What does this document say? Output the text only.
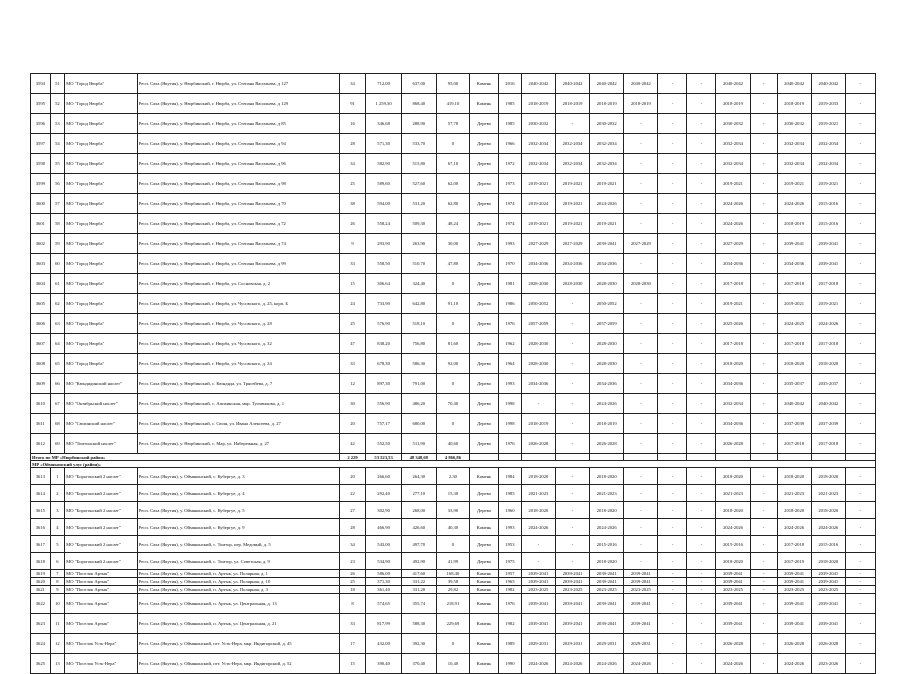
3594	51	МО "Город Нюрба"	Респ. Саха (Якутия), у. Нюрбинский, г. Нюрба, ул. Степана Васильева, д 127	34	712,00	637,00	95,00	Камень	2016	2040-2042	2040-2042	2040-2042	2040-2042	-	-	2040-2042	-	2040-2042	2040-2042	-
3595	52	МО "Город Нюрба"	Респ. Саха (Якутия), у. Нюрбинский, г. Нюрба, ул. Степана Васильева, д 129	91	1 259,30	868,40	419,10	Камень	1985	2018-2019	2018-2019	2018-2019	2018-2019	-	-	2018-2019	-	2018-2019	2019-2033	-
3596	53	МО "Город Нюрба"	Респ. Саха (Якутия), у. Нюрбинский, г. Нюрба, ул. Степана Васильева, д 85	16	346,68	288,90	57,78	Дерево	1985	2030-2032	-	2030-2032	-	-	-	2030-2032	-	2030-2032	2019-2021	-
3597	54	МО "Город Нюрба"	Респ. Саха (Якутия), у. Нюрбинский, г. Нюрба, ул. Степана Васильева, д 94	28	571,30	533,70	0	Дерево	1966	2032-2034	2032-2034	2032-2034	-	-	-	2032-2034	-	2032-2034	2032-2034	-
3598	55	МО "Город Нюрба"	Респ. Саха (Якутия), у. Нюрбинский, г. Нюрба, ул. Степана Васильева, д 96	34	582,90	515,80	67,10	Дерево	1972	2032-2034	2032-2034	2032-2034	-	-	-	2032-2034	-	2032-2034	2032-2034	-
3599	56	МО "Город Нюрба"	Респ. Саха (Якутия), у. Нюрбинский, г. Нюрба, ул. Степана Васильева, д 98	25	589,60	527,60	62,00	Дерево	1973	2019-2021	2019-2021	2019-2021	-	-	-	2019-2021	-	2019-2021	2019-2021	-
3600	57	МО "Город Нюрба"	Респ. Саха (Якутия), у. Нюрбинский, г. Нюрба, ул. Степана Васильева, д 70	38	594,00	531,20	62,80	Дерево	1974	2019-2024	2019-2021	2024-2026	-	-	-	2024-2026	-	2024-2026	2015-2016	-
3601	58	МО "Город Нюрба"	Респ. Саха (Якутия), у. Нюрбинский, г. Нюрба, ул. Степана Васильева, д 72	26	558,24	509,30	48,24	Дерево	1974	2019-2021	2019-2021	2019-2021	-	-	-	2024-2026	-	2018-2019	2015-2016	-
3602	59	МО "Город Нюрба"	Респ. Саха (Якутия), у. Нюрбинский, г. Нюрба, ул. Степана Васильева, д 74	9	293,90	263,90	30,00	Дерево	1993	2027-2029	2027-2029	2039-2041	2027-2029	-	-	2027-2029	-	2039-2041	2039-2041	-
3603	60	МО "Город Нюрба"	Респ. Саха (Якутия), у. Нюрбинский, г. Нюрба, ул. Степана Васильева, д 99	33	558,50	510,70	47,80	Дерево	1970	2034-2036	2034-2036	2034-2036	-	-	-	2034-2036	-	2034-2036	2039-2041	-
3604	61	МО "Город Нюрба"	Респ. Саха (Якутия), у. Нюрбинский, г. Нюрба, ул. Сосновская, д. 2	15	306,64	324,40	0	Дерево	1981	2028-2030	2028-2030	2028-2030	2028-2030	-	-	2017-2018	-	2017-2018	2017-2018	-
3605	62	МО "Город Нюрба"	Респ. Саха (Якутия), у. Нюрбинский, г. Нюрба, ул. Чусовского, д. 25, корп. Б	24	733,90	642,80	91,10	Дерево	1986	2050-2052	-	2050-2052	-	-	-	2019-2021	-	2019-2021	2019-2021	-
3606	63	МО "Город Нюрба"	Респ. Саха (Якутия), у. Нюрбинский, г. Нюрба, ул. Чусовского, д. 28	25	576,90	518,10	0	Дерево	1976	2057-2059	-	2057-2059	-	-	-	2025-2026	-	2024-2025	2024-2026	-
3607	64	МО "Город Нюрба"	Респ. Саха (Якутия), у. Нюрбинский, г. Нюрба, ул. Чусовского, д. 32	47	838,20	756,80	81,60	Дерево	1962	2028-2030	-	2028-2030	-	-	-	2017-2018	-	2017-2018	2017-2018	-
3608	65	МО "Город Нюрба"	Респ. Саха (Якутия), у. Нюрбинский, г. Нюрба, ул. Чусовского, д. 34	33	678,30	586,30	92,00	Дерево	1964	2028-2030	-	2028-2030	-	-	-	2018-2020	-	2018-2020	2018-2020	-
3609	66	МО "Кюндядинский наслег"	Респ. Саха (Якутия), у. Нюрбинский, с. Кюндяда, ул. Трясейева, д. 7	12	897,30	791,00	0	Дерево	1993	2034-2036	-	2034-2036	-	-	-	2034-2036	-	2035-2037	2035-2037	-
3610	67	МО "Октябрьский наслег"	Респ. Саха (Якутия), у. Нюрбинский, с. Аппаинская, мкр. Туохвыкова, д. 1	30	556,90	486,20	70,40	Дерево	1998	-	-	2024-2026	-	-	-	2032-2034	-	2040-2042	2040-2042	-
3611	68	МО "Сюлинский наслег"	Респ. Саха (Якутия), у. Нюрбинский, с. Сюля, ул. Ивана Алексеева, д. 27	20	757,17	680,00	0	Дерево	1998	2018-2019	-	2018-2019	-	-	-	2034-2036	-	2037-2039	2037-2039	-
3612	69	МО "Томтонский наслег"	Респ. Саха (Якутия), у. Нюрбинский, с. Мар, ул. Набережная, д. 27	42	552,50	511,90	40,60	Дерево	1976	2026-2028	-	2026-2028	-	-	-	2026-2028	-	2017-2018	2017-2018	-
Итого по МР «Нюрбинский район»				2 229	53 523,53	48 348,68	4 866,86													
МР «Оймяконский улус (район)»																				
3613	1	МО "Борогонский 2 наслег"	Респ. Саха (Якутия), у. Оймяконский, с. Кубергуе, д. 3	20	266,60	264,30	2,30	Камень	1984	2018-2020	-	2018-2020	-	-	-	2018-2020	-	2018-2020	2018-2020	-
3614	2	МО "Борогонский 2 наслег"	Респ. Саха (Якутия), у. Оймяконский, с. Кубергуе, д. 4	22	292,40	277,10	15,30	Дерево	1985	2021-2023	-	2021-2023	-	-	-	2021-2023	-	2021-2023	2021-2023	-
3615	3	МО "Борогонский 2 наслег"	Респ. Саха (Якутия), у. Оймяконский, с. Кубергуе, д. 5	27	302,90	268,00	33,90	Дерево	1960	2018-2020	-	2018-2020	-	-	-	2018-2020	-	2018-2020	2018-2020	-
3616	4	МО "Борогонский 2 наслег"	Респ. Саха (Якутия), у. Оймяконский, с. Кубергуе, д. 9	28	466,90	426,60	40,30	Камень	1993	2024-2026	-	2024-2026	-	-	-	2024-2026	-	2024-2026	2024-2026	-
3617	5	МО "Борогонский 2 наслег"	Респ. Саха (Якутия), у. Оймяконский, с. Томтор, пер. Медовый, д. 5	34	543,00	497,70	0	Дерево	1953	-	-	2015-2016	-	-	-	2015-2016	-	2017-2018	2015-2016	-
3618	6	МО "Борогонский 2 наслег"	Респ. Саха (Якутия), у. Оймяконский, с. Томтор, ул. Советская, д. 9	23	534,90	492,90	41,99	Дерево	1975	-	-	2018-2020	-	-	-	2018-2020	-	2017-2019	2018-2020	-
3619	7	МО "Поселок Артык"	Респ. Саха (Якутия), у. Оймяконский, п. Артык, ул. Полярная, д. 1	26	586,00	417,60	168,40	Камень	1957	2039-2041	2039-2041	2039-2041	2039-2041	-	-	2039-2041	-	2039-2041	2039-2041	-
3620	8	МО "Поселок Артык"	Респ. Саха (Якутия), у. Оймяконский, п. Артык, ул. Полярная, д. 10	25	371,30	331,22	39,58	Камень	1965	2039-2041	2039-2041	2039-2041	2039-2041	-	-	2039-2041	-	2039-2041	2039-2041	-
3621	9	МО "Поселок Артык"	Респ. Саха (Якутия), у. Оймяконский, п. Артык, ул. Полярная, д. 3	18	361,40	331,28	29,82	Камень	1982	2023-2025	2023-2025	2023-2025	2023-2025	-	-	2023-2025	-	2023-2025	2023-2025	-
3622	10	МО "Поселок Артык"	Респ. Саха (Якутия), у. Оймяконский, п. Артык, ул. Центральная, д. 13	8	574,65	355,74	218,91	Камень	1976	2039-2041	2039-2041	2039-2041	2039-2041	-	-	2039-2041	-	2039-2041	2039-2041	-
3623	11	МО "Поселок Артык"	Респ. Саха (Якутия), у. Оймяконский, п. Артык, ул. Центральная, д. 21	33	817,99	588,30	229,69	Камень	1982	2039-2041	2039-2041	2039-2041	2039-2041	-	-	2039-2041	-	2039-2041	2039-2041	-
3624	12	МО "Поселок Усть-Нера"	Респ. Саха (Якутия), у. Оймяконский, пгт. Усть-Нера, мкр. Индигирский, д. 45	17	432,00	392,30	0	Камень	1989	2029-2031	2029-2031	2029-2031	2029-2031	-	-	2026-2028	-	2026-2028	2026-2028	-
3625	13	МО "Поселок Усть-Нера"	Респ. Саха (Якутия), у. Оймяконский, пгт. Усть-Нера, мкр. Индигирский, д. 52	15	390,40	370,40	10,40	Камень	1990	2024-2026	2024-2026	2024-2026	2024-2026	-	-	2024-2026	-	2024-2026	2023-2026	-
